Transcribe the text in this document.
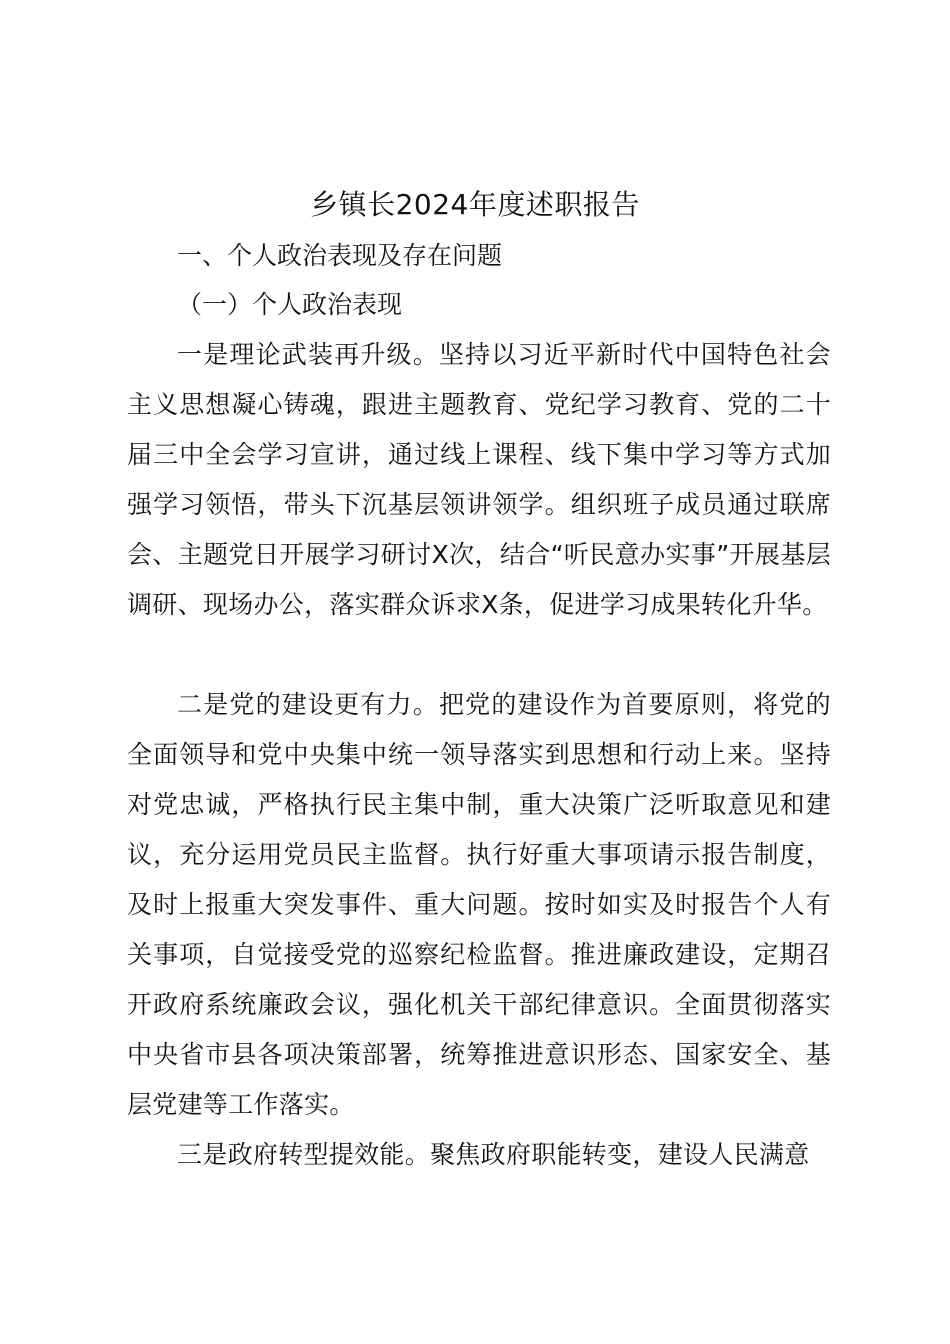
乡镇长2024年度述职报告
一、个人政治表现及存在问题
（一）个人政治表现

一是理论武装再升级。坚持以习近平新时代中国特色社会主义思想凝心铸魂，跟进主题教育、党纪学习教育、党的二十届三中全会学习宣讲，通过线上课程、线下集中学习等方式加强学习领悟，带头下沉基层领讲领学。组织班子成员通过联席会、主题党日开展学习研讨X次，结合“听民意办实事”开展基层调研、现场办公，落实群众诉求X条，促进学习成果转化升华。

二是党的建设更有力。把党的建设作为首要原则，将党的全面领导和党中央集中统一领导落实到思想和行动上来。坚持对党忠诚，严格执行民主集中制，重大决策广泛听取意见和建议，充分运用党员民主监督。执行好重大事项请示报告制度，及时上报重大突发事件、重大问题。按时如实及时报告个人有关事项，自觉接受党的巡察纪检监督。推进廉政建设，定期召开政府系统廉政会议，强化机关干部纪律意识。全面贯彻落实中央省市县各项决策部署，统筹推进意识形态、国家安全、基层党建等工作落实。

三是政府转型提效能。聚焦政府职能转变，建设人民满意
